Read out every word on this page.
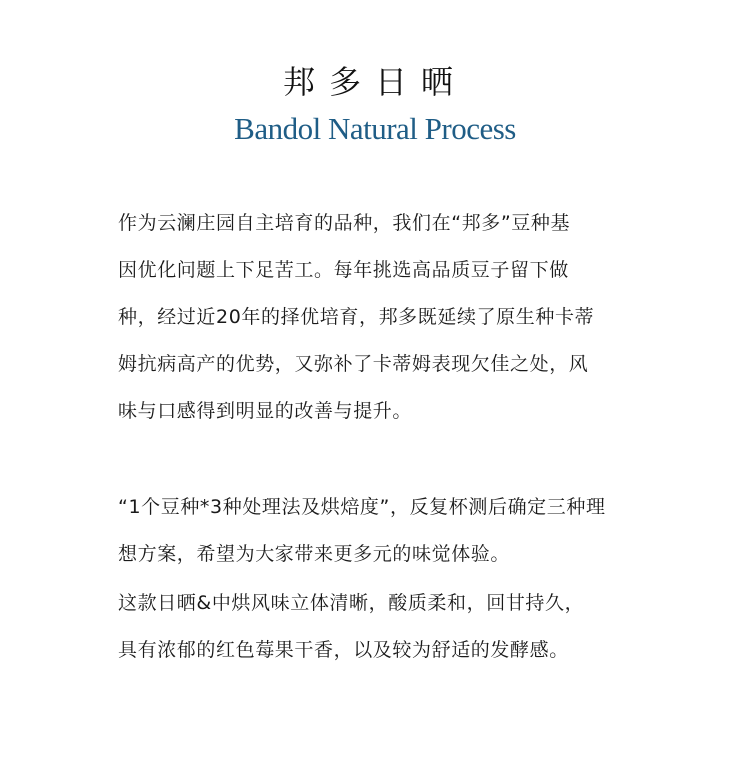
邦多日晒
Bandol Natural Process
作为云澜庄园自主培育的品种，我们在“邦多”豆种基
因优化问题上下足苦工。每年挑选高品质豆子留下做
种，经过近20年的择优培育，邦多既延续了原生种卡蒂
姆抗病高产的优势，又弥补了卡蒂姆表现欠佳之处，风
味与口感得到明显的改善与提升。
“1个豆种*3种处理法及烘焙度”，反复杯测后确定三种理
想方案，希望为大家带来更多元的味觉体验。
这款日晒&中烘风味立体清晰，酸质柔和，回甘持久，
具有浓郁的红色莓果干香，以及较为舒适的发酵感。
